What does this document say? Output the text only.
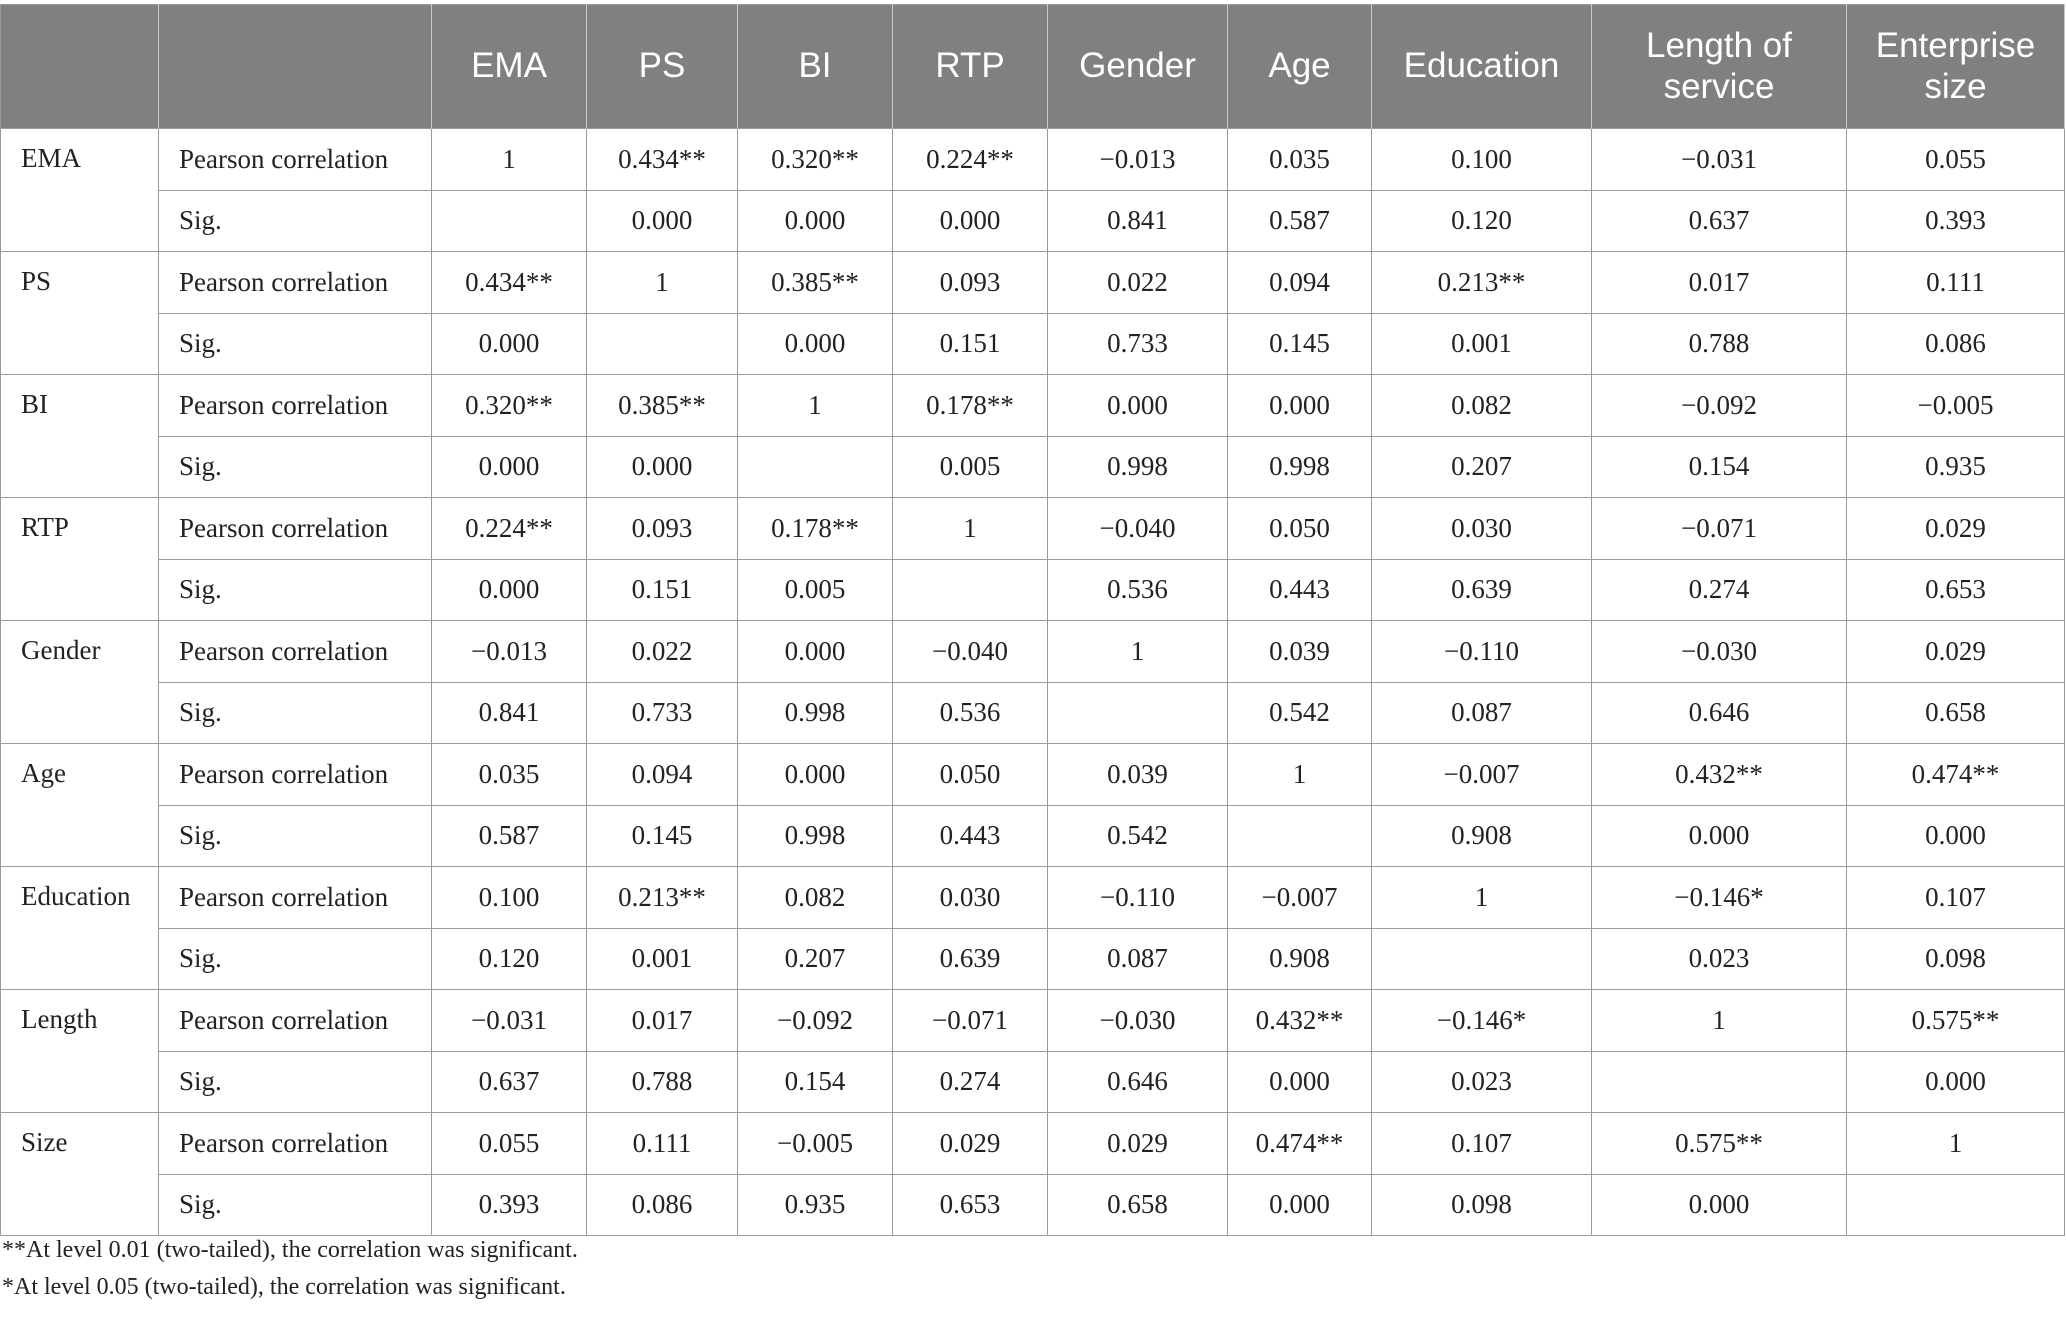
		EMA	PS	BI	RTP	Gender	Age	Education	Length of service	Enterprise size
EMA	Pearson correlation	1	0.434**	0.320**	0.224**	−0.013	0.035	0.100	−0.031	0.055
	Sig.		0.000	0.000	0.000	0.841	0.587	0.120	0.637	0.393
PS	Pearson correlation	0.434**	1	0.385**	0.093	0.022	0.094	0.213**	0.017	0.111
	Sig.	0.000		0.000	0.151	0.733	0.145	0.001	0.788	0.086
BI	Pearson correlation	0.320**	0.385**	1	0.178**	0.000	0.000	0.082	−0.092	−0.005
	Sig.	0.000	0.000		0.005	0.998	0.998	0.207	0.154	0.935
RTP	Pearson correlation	0.224**	0.093	0.178**	1	−0.040	0.050	0.030	−0.071	0.029
	Sig.	0.000	0.151	0.005		0.536	0.443	0.639	0.274	0.653
Gender	Pearson correlation	−0.013	0.022	0.000	−0.040	1	0.039	−0.110	−0.030	0.029
	Sig.	0.841	0.733	0.998	0.536		0.542	0.087	0.646	0.658
Age	Pearson correlation	0.035	0.094	0.000	0.050	0.039	1	−0.007	0.432**	0.474**
	Sig.	0.587	0.145	0.998	0.443	0.542		0.908	0.000	0.000
Education	Pearson correlation	0.100	0.213**	0.082	0.030	−0.110	−0.007	1	−0.146*	0.107
	Sig.	0.120	0.001	0.207	0.639	0.087	0.908		0.023	0.098
Length	Pearson correlation	−0.031	0.017	−0.092	−0.071	−0.030	0.432**	−0.146*	1	0.575**
	Sig.	0.637	0.788	0.154	0.274	0.646	0.000	0.023		0.000
Size	Pearson correlation	0.055	0.111	−0.005	0.029	0.029	0.474**	0.107	0.575**	1
	Sig.	0.393	0.086	0.935	0.653	0.658	0.000	0.098	0.000	
**At level 0.01 (two-tailed), the correlation was significant.
*At level 0.05 (two-tailed), the correlation was significant.
